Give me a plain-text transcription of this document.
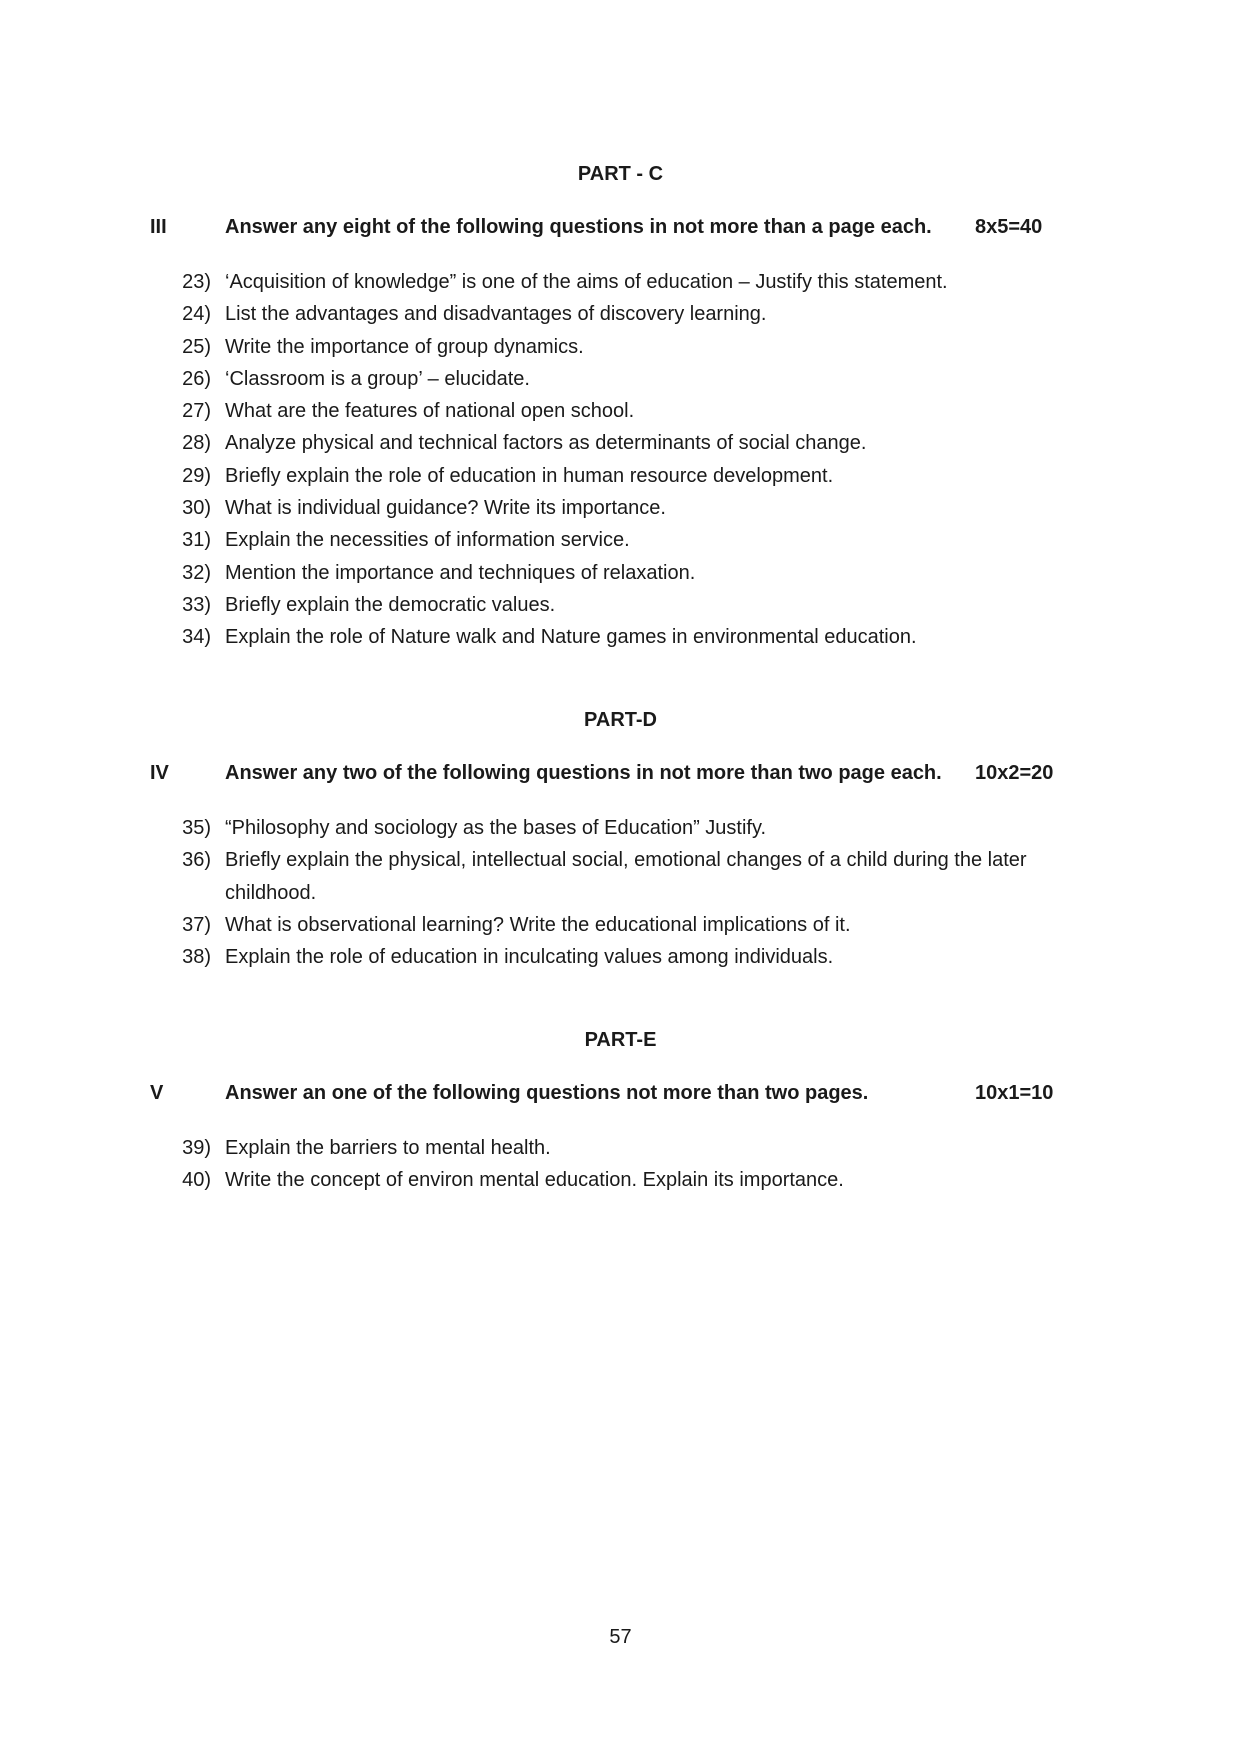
PART - C
III	Answer any eight of the following questions in not more than a page each. 8x5=40
23) ‘Acquisition of knowledge” is one of the aims of education – Justify this statement.
24) List the advantages and disadvantages of discovery learning.
25) Write the importance of group dynamics.
26) ‘Classroom is a group’ – elucidate.
27) What are the features of national open school.
28) Analyze physical and technical factors as determinants of social change.
29) Briefly explain the role of education in human resource development.
30) What is individual guidance? Write its importance.
31) Explain the necessities of information service.
32) Mention the importance and techniques of relaxation.
33) Briefly explain the democratic values.
34) Explain the role of Nature walk and Nature games in environmental education.
PART-D
IV	Answer any two of the following questions in not more than two page each. 10x2=20
35) “Philosophy and sociology as the bases of Education” Justify.
36) Briefly explain the physical, intellectual social, emotional changes of a child during the later childhood.
37) What is observational learning? Write the educational implications of it.
38) Explain the role of education in inculcating values among individuals.
PART-E
V	Answer an one of the following questions not more than two pages.	10x1=10
39) Explain the barriers to mental health.
40) Write the concept of environ mental education. Explain its importance.
57
